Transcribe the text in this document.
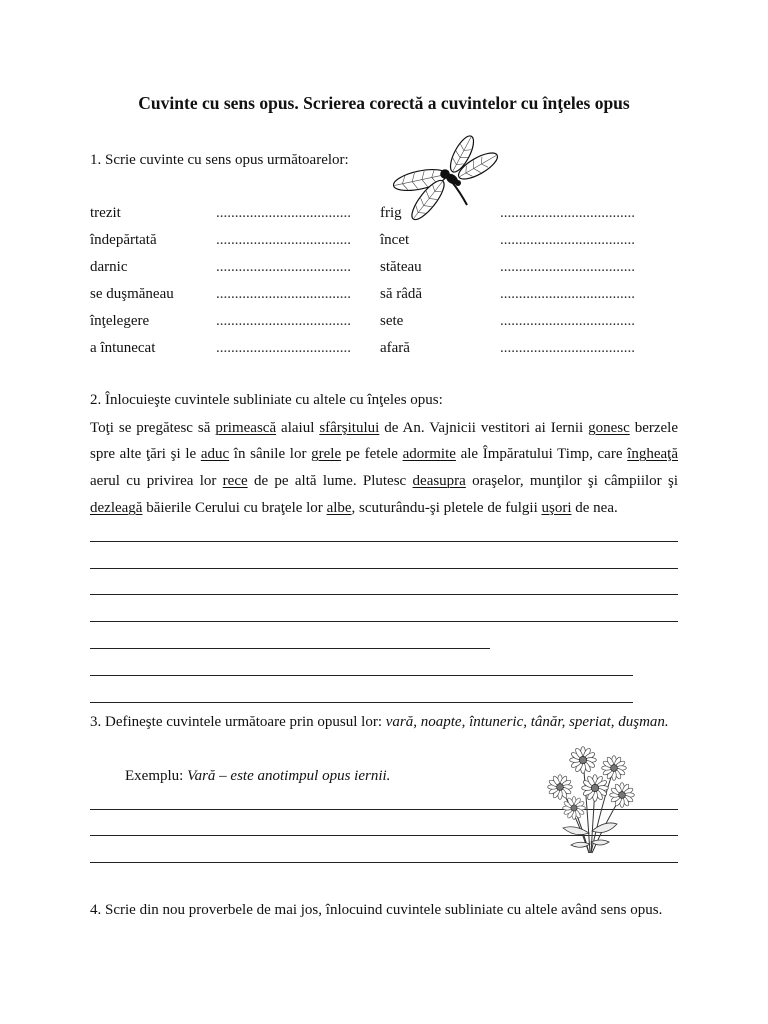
Cuvinte cu sens opus. Scrierea corectă a cuvintelor cu înţeles opus
1. Scrie cuvinte cu sens opus următoarelor:
trezit	.................................... frig	....................................
îndepărtată	.................................... încet	....................................
darnic	.................................... stăteau	....................................
se duşmăneau	.................................... să râdă	....................................
înţelegere	.................................... sete	....................................
a întunecat	.................................... afară	....................................
2. Înlocuieşte cuvintele subliniate cu altele cu înţeles opus:
Toţi se pregătesc să primească alaiul sfârşitului de An. Vajnicii vestitori ai Iernii gonesc berzele
spre alte ţări şi le aduc în sânile lor grele pe fetele adormite ale Împăratului Timp, care îngheaţă
aerul cu privirea lor rece de pe altă lume. Plutesc deasupra oraşelor, munţilor şi câmpiilor şi
dezleagă băierile Cerului cu braţele lor albe, scuturându-şi pletele de fulgii uşori de nea.
3. Defineşte cuvintele următoare prin opusul lor: vară, noapte, întuneric, tânăr, speriat, duşman.
Exemplu: Vară – este anotimpul opus iernii.
4. Scrie din nou proverbele de mai jos, înlocuind cuvintele subliniate cu altele având sens opus.
